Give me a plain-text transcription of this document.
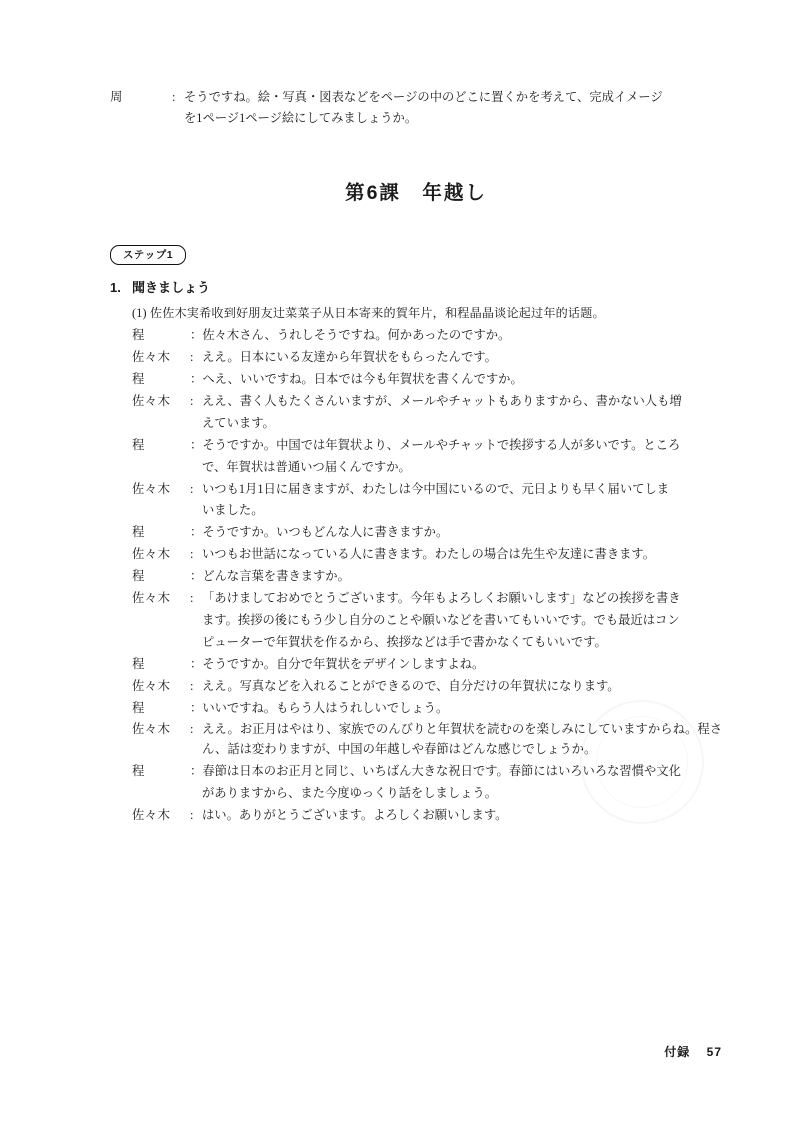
周	: そうですね。絵・写真・図表などをページの中のどこに置くかを考えて、完成イメージ
を1ページ1ページ絵にしてみましょうか。
第6課　年越し
ステップ1
1. 聞きましょう
(1) 佐佐木実希收到好朋友辻菜菜子从日本寄来的賀年片，和程晶晶谈论起过年的话题。
程	： 佐々木さん、うれしそうですね。何かあったのですか。
佐々木	: ええ。日本にいる友達から年賀状をもらったんです。
程	： へえ、いいですね。日本では今も年賀状を書くんですか。
佐々木	: ええ、書く人もたくさんいますが、メールやチャットもありますから、書かない人も増
えています。
程	： そうですか。中国では年賀状より、メールやチャットで挨拶する人が多いです。ところ
で、年賀状は普通いつ届くんですか。
佐々木	: いつも1月1日に届きますが、わたしは今中国にいるので、元日よりも早く届いてしま
いました。
程	： そうですか。いつもどんな人に書きますか。
佐々木	: いつもお世話になっている人に書きます。わたしの場合は先生や友達に書きます。
程	： どんな言葉を書きますか。
佐々木	: 「あけましておめでとうございます。今年もよろしくお願いします」などの挨拶を書き
ます。挨拶の後にもう少し自分のことや願いなどを書いてもいいです。でも最近はコン
ピューターで年賀状を作るから、挨拶などは手で書かなくてもいいです。
程	： そうですか。自分で年賀状をデザインしますよね。
佐々木	: ええ。写真などを入れることができるので、自分だけの年賀状になります。
程	： いいですね。もらう人はうれしいでしょう。
佐々木	: ええ。お正月はやはり、家族でのんびりと年賀状を読むのを楽しみにしていますからね。程さん、話は変わりますが、中国の年越しや春節はどんな感じでしょうか。
程	： 春節は日本のお正月と同じ、いちばん大きな祝日です。春節にはいろいろな習慣や文化
がありますから、また今度ゆっくり話をしましょう。
佐々木	: はい。ありがとうございます。よろしくお願いします。
付録 57
